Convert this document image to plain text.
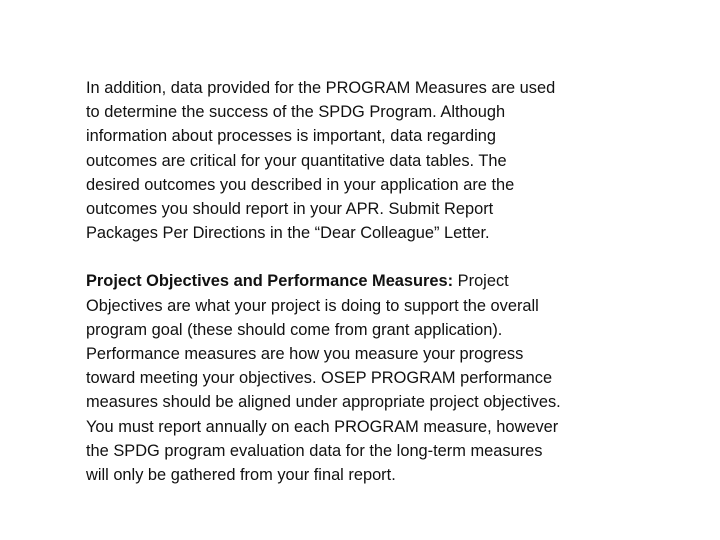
In addition, data provided for the PROGRAM Measures are used
to determine the success of the SPDG Program. Although
information about processes is important, data regarding
outcomes are critical for your quantitative data tables. The
desired outcomes you described in your application are the
outcomes you should report in your APR. Submit Report
Packages Per Directions in the “Dear Colleague” Letter.
Project Objectives and Performance Measures: Project
Objectives are what your project is doing to support the overall
program goal (these should come from grant application).
Performance measures are how you measure your progress
toward meeting your objectives. OSEP PROGRAM performance
measures should be aligned under appropriate project objectives.
You must report annually on each PROGRAM measure, however
the SPDG program evaluation data for the long-term measures
will only be gathered from your final report.
